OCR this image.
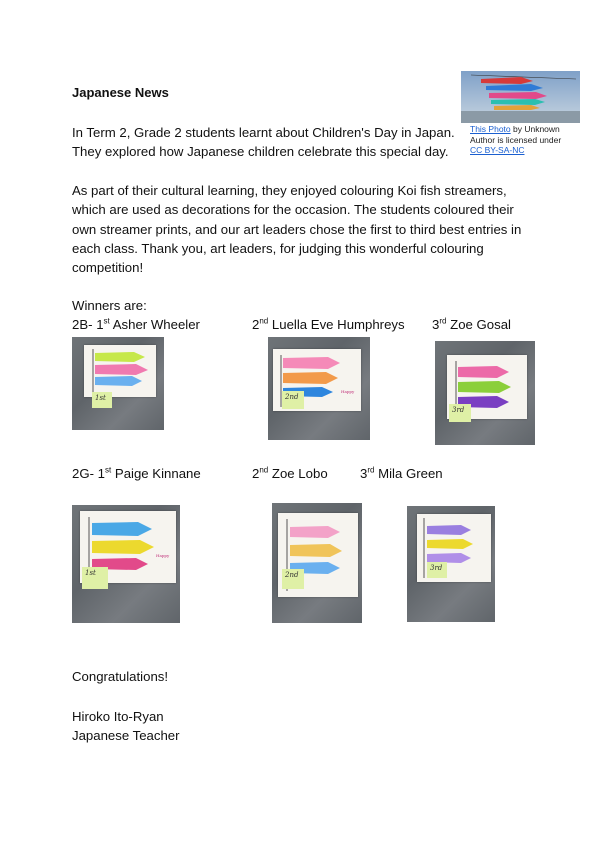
Japanese News
This Photo by Unknown Author is licensed under CC BY-SA-NC
In Term 2, Grade 2 students learnt about Children's Day in Japan. They explored how Japanese children celebrate this special day.
As part of their cultural learning, they enjoyed colouring Koi fish streamers, which are used as decorations for the occasion. The students coloured their own streamer prints, and our art leaders chose the first to third best entries in each class. Thank you, art leaders, for judging this wonderful colouring competition!
Winners are:
2B- 1st Asher Wheeler	2nd Luella Eve Humphreys 3rd Zoe Gosal
1st
Happy
2nd
3rd
2G- 1st Paige Kinnane	2nd Zoe Lobo 3rd Mila Green
Happy
1st	2nd
3rd
Congratulations!
Hiroko Ito-Ryan
Japanese Teacher
